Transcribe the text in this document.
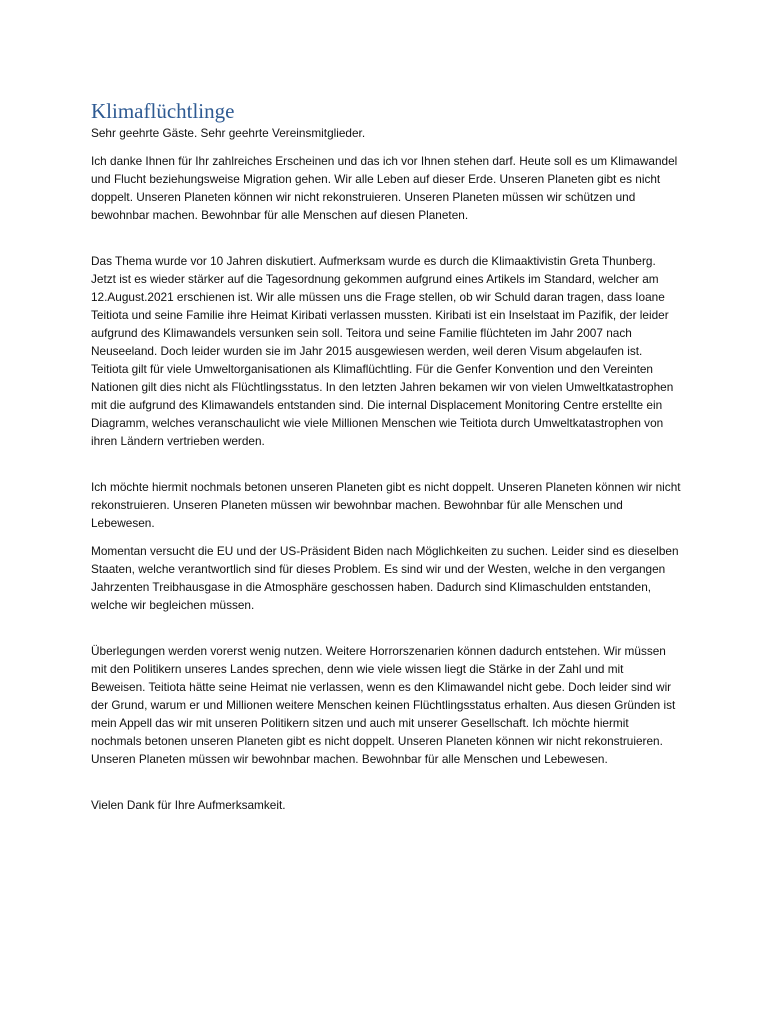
Klimaflüchtlinge

Sehr geehrte Gäste. Sehr geehrte Vereinsmitglieder.

Ich danke Ihnen für Ihr zahlreiches Erscheinen und das ich vor Ihnen stehen darf. Heute soll es um Klimawandel und Flucht beziehungsweise Migration gehen. Wir alle Leben auf dieser Erde. Unseren Planeten gibt es nicht doppelt. Unseren Planeten können wir nicht rekonstruieren. Unseren Planeten müssen wir schützen und bewohnbar machen. Bewohnbar für alle Menschen auf diesen Planeten.

Das Thema wurde vor 10 Jahren diskutiert. Aufmerksam wurde es durch die Klimaaktivistin Greta Thunberg. Jetzt ist es wieder stärker auf die Tagesordnung gekommen aufgrund eines Artikels im Standard, welcher am 12.August.2021 erschienen ist. Wir alle müssen uns die Frage stellen, ob wir Schuld daran tragen, dass Ioane Teitiota und seine Familie ihre Heimat Kiribati verlassen mussten. Kiribati ist ein Inselstaat im Pazifik, der leider aufgrund des Klimawandels versunken sein soll. Teitora und seine Familie flüchteten im Jahr 2007 nach Neuseeland. Doch leider wurden sie im Jahr 2015 ausgewiesen werden, weil deren Visum abgelaufen ist. Teitiota gilt für viele Umweltorganisationen als Klimaflüchtling. Für die Genfer Konvention und den Vereinten Nationen gilt dies nicht als Flüchtlingsstatus. In den letzten Jahren bekamen wir von vielen Umweltkatastrophen mit die aufgrund des Klimawandels entstanden sind. Die internal Displacement Monitoring Centre erstellte ein Diagramm, welches veranschaulicht wie viele Millionen Menschen wie Teitiota durch Umweltkatastrophen von ihren Ländern vertrieben werden.

Ich möchte hiermit nochmals betonen unseren Planeten gibt es nicht doppelt. Unseren Planeten können wir nicht rekonstruieren. Unseren Planeten müssen wir bewohnbar machen. Bewohnbar für alle Menschen und Lebewesen.

Momentan versucht die EU und der US-Präsident Biden nach Möglichkeiten zu suchen. Leider sind es dieselben Staaten, welche verantwortlich sind für dieses Problem. Es sind wir und der Westen, welche in den vergangen Jahrzenten Treibhausgase in die Atmosphäre geschossen haben. Dadurch sind Klimaschulden entstanden, welche wir begleichen müssen.

Überlegungen werden vorerst wenig nutzen. Weitere Horrorszenarien können dadurch entstehen. Wir müssen mit den Politikern unseres Landes sprechen, denn wie viele wissen liegt die Stärke in der Zahl und mit Beweisen. Teitiota hätte seine Heimat nie verlassen, wenn es den Klimawandel nicht gebe. Doch leider sind wir der Grund, warum er und Millionen weitere Menschen keinen Flüchtlingsstatus erhalten. Aus diesen Gründen ist mein Appell das wir mit unseren Politikern sitzen und auch mit unserer Gesellschaft. Ich möchte hiermit nochmals betonen unseren Planeten gibt es nicht doppelt. Unseren Planeten können wir nicht rekonstruieren. Unseren Planeten müssen wir bewohnbar machen. Bewohnbar für alle Menschen und Lebewesen.

Vielen Dank für Ihre Aufmerksamkeit.
